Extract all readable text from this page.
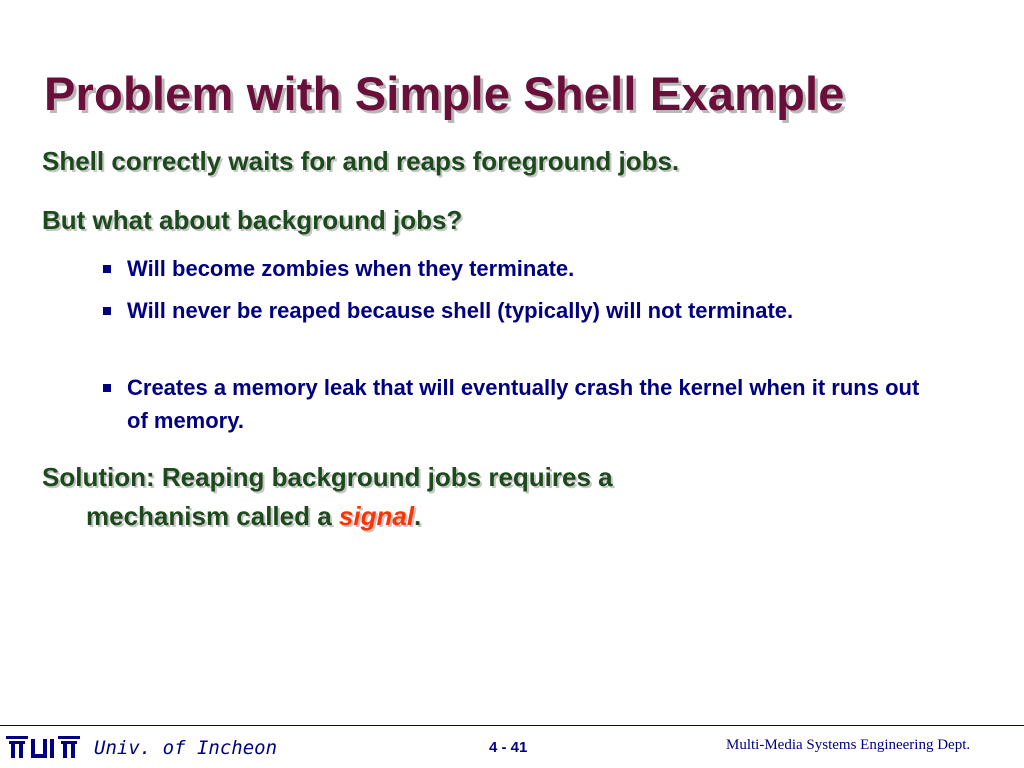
Problem with Simple Shell Example

Shell correctly waits for and reaps foreground jobs.

But what about background jobs?

Will become zombies when they terminate.
Will never be reaped because shell (typically) will not terminate.
Creates a memory leak that will eventually crash the kernel when it runs out of memory.

Solution: Reaping background jobs requires a

mechanism called a signal.

Univ. of Incheon	4 - 41	Multi-Media Systems Engineering Dept.
